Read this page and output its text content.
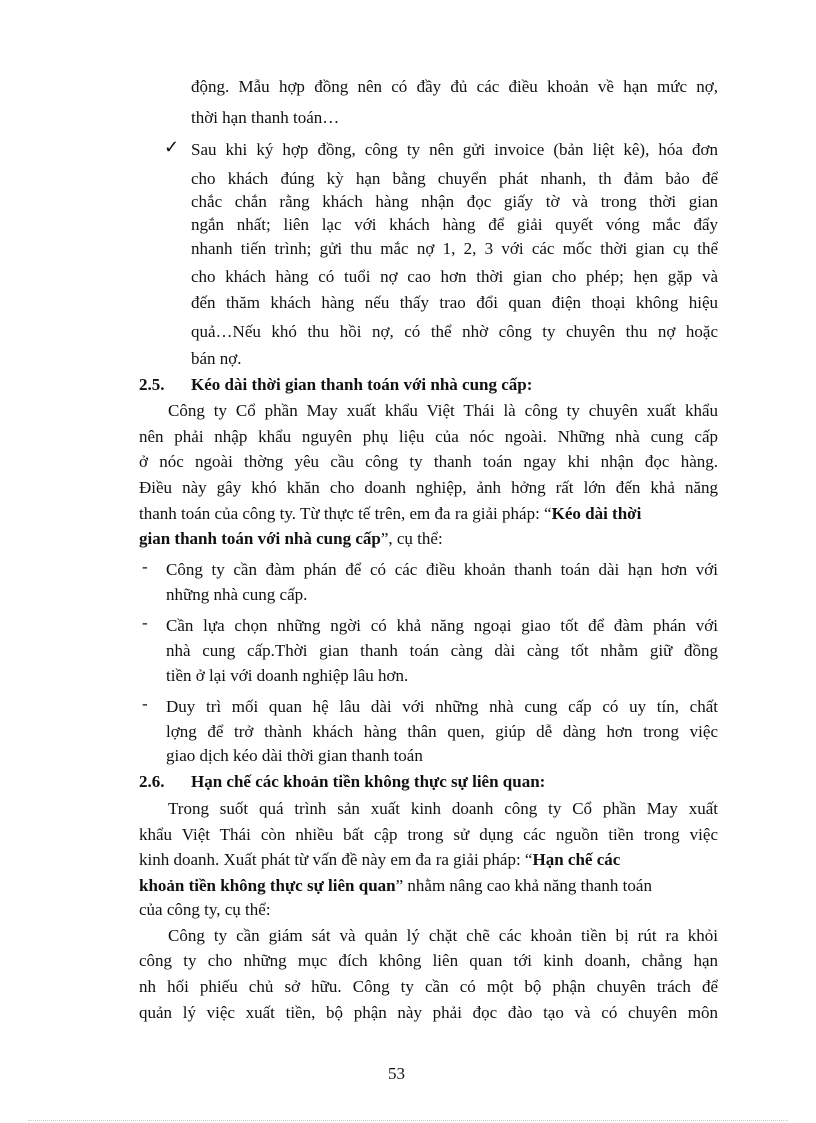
động. Mẫu hợp đồng nên có đầy đủ các điều khoản về hạn mức nợ,
thời hạn thanh toán…
✓ Sau khi ký hợp đồng, công ty nên gửi invoice (bản liệt kê), hóa đơn
cho khách đúng kỳ hạn bằng chuyển phát nhanh, th đảm bảo để
chắc chắn rằng khách hàng nhận đọc giấy tờ và trong thời gian
ngắn nhất; liên lạc với khách hàng để giải quyết vóng mắc đẩy
nhanh tiến trình; gửi thu mắc nợ 1, 2, 3 với các mốc thời gian cụ thể
cho khách hàng có tuổi nợ cao hơn thời gian cho phép; hẹn gặp và
đến thăm khách hàng nếu thấy trao đổi quan điện thoại không hiệu
quả…Nếu khó thu hồi nợ, có thể nhờ công ty chuyên thu nợ hoặc
bán nợ.
2.5. Kéo dài thời gian thanh toán với nhà cung cấp:
Công ty Cổ phần May xuất khẩu Việt Thái là công ty chuyên xuất khẩu
nên phải nhập khẩu nguyên phụ liệu của nóc ngoài. Những nhà cung cấp
ở nóc ngoài thờng yêu cầu công ty thanh toán ngay khi nhận đọc hàng.
Điều này gây khó khăn cho doanh nghiệp, ảnh hởng rất lớn đến khả năng
thanh toán của công ty. Từ thực tế trên, em đa ra giải pháp: “Kéo dài thời
gian thanh toán với nhà cung cấp”, cụ thể:
- Công ty cần đàm phán để có các điều khoản thanh toán dài hạn hơn với
những nhà cung cấp.
- Cần lựa chọn những ngời có khả năng ngoại giao tốt để đàm phán với
nhà cung cấp.Thời gian thanh toán càng dài càng tốt nhằm giữ đồng
tiền ở lại với doanh nghiệp lâu hơn.
- Duy trì mối quan hệ lâu dài với những nhà cung cấp có uy tín, chất
lợng để trở thành khách hàng thân quen, giúp dễ dàng hơn trong việc
giao dịch kéo dài thời gian thanh toán
2.6. Hạn chế các khoản tiền không thực sự liên quan:
Trong suốt quá trình sản xuất kinh doanh công ty Cổ phần May xuất
khẩu Việt Thái còn nhiều bất cập trong sử dụng các nguồn tiền trong việc
kinh doanh. Xuất phát từ vấn đề này em đa ra giải pháp: “Hạn chế các
khoản tiền không thực sự liên quan” nhằm nâng cao khả năng thanh toán
của công ty, cụ thể:
Công ty cần giám sát và quản lý chặt chẽ các khoản tiền bị rút ra khỏi
công ty cho những mục đích không liên quan tới kinh doanh, chẳng hạn
nh hối phiếu chủ sở hữu. Công ty cần có một bộ phận chuyên trách để
quản lý việc xuất tiền, bộ phận này phải đọc đào tạo và có chuyên môn
53
